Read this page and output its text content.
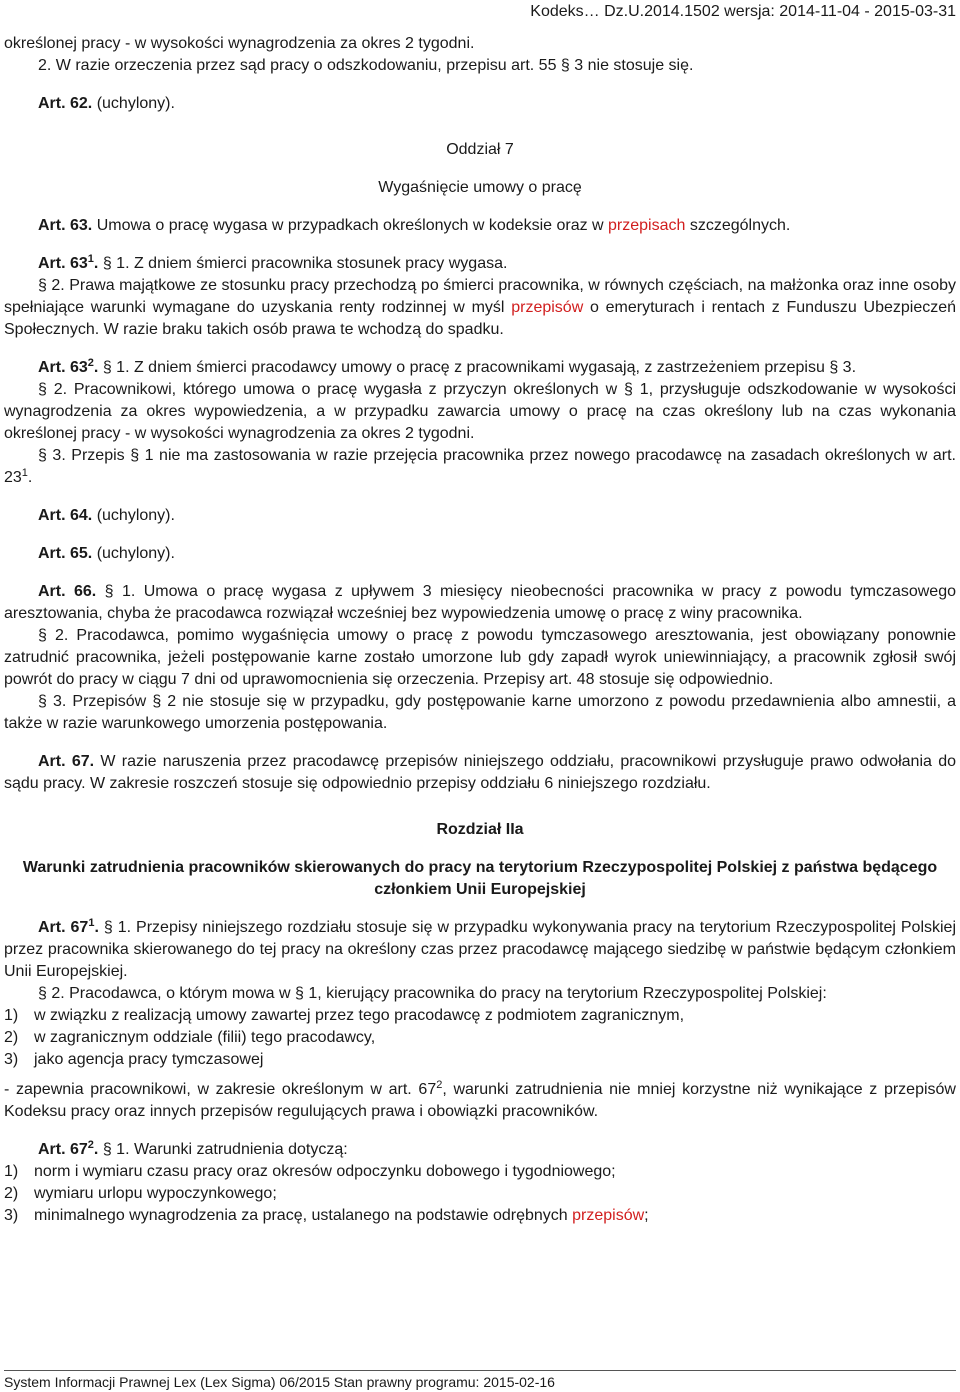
Kodeks… Dz.U.2014.1502 wersja: 2014-11-04 - 2015-03-31

określonej pracy - w wysokości wynagrodzenia za okres 2 tygodni.

2. W razie orzeczenia przez sąd pracy o odszkodowaniu, przepisu art. 55 § 3 nie stosuje się.

Art. 62. (uchylony).

Oddział 7

Wygaśnięcie umowy o pracę

Art. 63. Umowa o pracę wygasa w przypadkach określonych w kodeksie oraz w przepisach szczególnych.

Art. $63^1$. § 1. Z dniem śmierci pracownika stosunek pracy wygasa.

§ 2. Prawa majątkowe ze stosunku pracy przechodzą po śmierci pracownika, w równych częściach, na małżonka oraz inne osoby spełniające warunki wymagane do uzyskania renty rodzinnej w myśl przepisów o emeryturach i rentach z Funduszu Ubezpieczeń Społecznych. W razie braku takich osób prawa te wchodzą do spadku.

Art. $63^2$. § 1. Z dniem śmierci pracodawcy umowy o pracę z pracownikami wygasają, z zastrzeżeniem przepisu § 3.

§ 2. Pracownikowi, którego umowa o pracę wygasła z przyczyn określonych w § 1, przysługuje odszkodowanie w wysokości wynagrodzenia za okres wypowiedzenia, a w przypadku zawarcia umowy o pracę na czas określony lub na czas wykonania określonej pracy - w wysokości wynagrodzenia za okres 2 tygodni.

§ 3. Przepis § 1 nie ma zastosowania w razie przejęcia pracownika przez nowego pracodawcę na zasadach określonych w art. $23^1$.

Art. 64. (uchylony).

Art. 65. (uchylony).

Art. 66. § 1. Umowa o pracę wygasa z upływem 3 miesięcy nieobecności pracownika w pracy z powodu tymczasowego aresztowania, chyba że pracodawca rozwiązał wcześniej bez wypowiedzenia umowę o pracę z winy pracownika.

§ 2. Pracodawca, pomimo wygaśnięcia umowy o pracę z powodu tymczasowego aresztowania, jest obowiązany ponownie zatrudnić pracownika, jeżeli postępowanie karne zostało umorzone lub gdy zapadł wyrok uniewinniający, a pracownik zgłosił swój powrót do pracy w ciągu 7 dni od uprawomocnienia się orzeczenia. Przepisy art. 48 stosuje się odpowiednio.

§ 3. Przepisów § 2 nie stosuje się w przypadku, gdy postępowanie karne umorzono z powodu przedawnienia albo amnestii, a także w razie warunkowego umorzenia postępowania.

Art. 67. W razie naruszenia przez pracodawcę przepisów niniejszego oddziału, pracownikowi przysługuje prawo odwołania do sądu pracy. W zakresie roszczeń stosuje się odpowiednio przepisy oddziału 6 niniejszego rozdziału.

Rozdział IIa

Warunki zatrudnienia pracowników skierowanych do pracy na terytorium Rzeczypospolitej Polskiej z państwa będącego członkiem Unii Europejskiej

Art. $67^1$. § 1. Przepisy niniejszego rozdziału stosuje się w przypadku wykonywania pracy na terytorium Rzeczypospolitej Polskiej przez pracownika skierowanego do tej pracy na określony czas przez pracodawcę mającego siedzibę w państwie będącym członkiem Unii Europejskiej.

§ 2. Pracodawca, o którym mowa w § 1, kierujący pracownika do pracy na terytorium Rzeczypospolitej Polskiej:

1) w związku z realizacją umowy zawartej przez tego pracodawcę z podmiotem zagranicznym,
2) w zagranicznym oddziale (filii) tego pracodawcy,
3) jako agencja pracy tymczasowej

- zapewnia pracownikowi, w zakresie określonym w art. $67^2$, warunki zatrudnienia nie mniej korzystne niż wynikające z przepisów Kodeksu pracy oraz innych przepisów regulujących prawa i obowiązki pracowników.

Art. $67^2$. § 1. Warunki zatrudnienia dotyczą:

1) norm i wymiaru czasu pracy oraz okresów odpoczynku dobowego i tygodniowego;
2) wymiaru urlopu wypoczynkowego;
3) minimalnego wynagrodzenia za pracę, ustalanego na podstawie odrębnych przepisów;
System Informacji Prawnej Lex (Lex Sigma) 06/2015 Stan prawny programu: 2015-02-16
